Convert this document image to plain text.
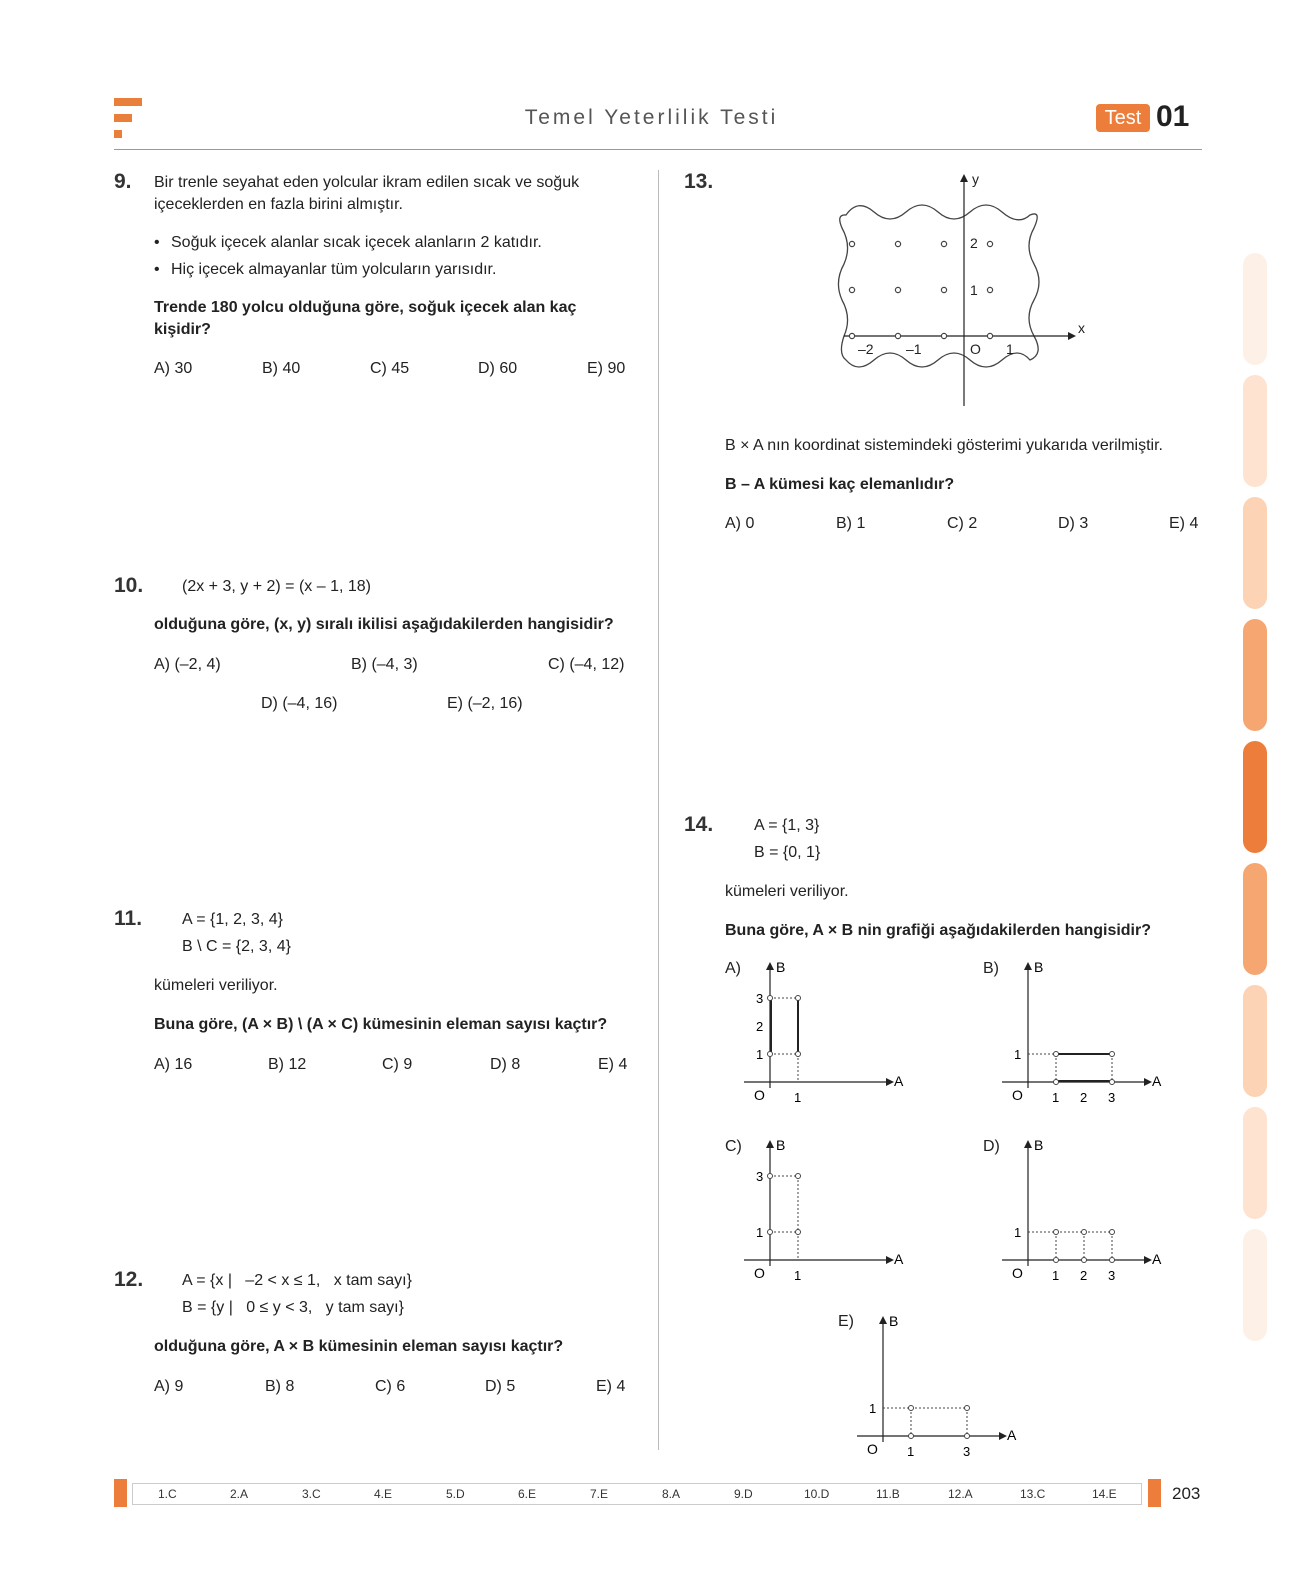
Temel Yeterlilik Testi	Test 01
9. Bir trenle seyahat eden yolcular ikram edilen sıcak ve soğuk
içeceklerden en fazla birini almıştır.
• Soğuk içecek alanlar sıcak içecek alanların 2 katıdır.
• Hiç içecek almayanlar tüm yolcuların yarısıdır.
Trende 180 yolcu olduğuna göre, soğuk içecek alan kaç
kişidir?
A) 30	B) 40	C) 45	D) 60	E) 90
10. (2x + 3, y + 2) = (x – 1, 18)
olduğuna göre, (x, y) sıralı ikilisi aşağıdakilerden hangisidir?
A) (–2, 4)	B) (–4, 3)	C) (–4, 12)
D) (–4, 16)	E) (–2, 16)
11. A = {1, 2, 3, 4}
B \ C = {2, 3, 4}
kümeleri veriliyor.
Buna göre, (A × B) \ (A × C) kümesinin eleman sayısı kaçtır?
A) 16	B) 12	C) 9	D) 8	E) 4
12. A = {x |   –2 < x ≤ 1,   x tam sayı}
B = {y |   0 ≤ y < 3,   y tam sayı}
olduğuna göre, A × B kümesinin eleman sayısı kaçtır?
A) 9	B) 8	C) 6	D) 5	E) 4
13.
x
y
O
–2 –1	1
1
2
B × A nın koordinat sistemindeki gösterimi yukarıda verilmiştir.
B – A kümesi kaç elemanlıdır?
A) 0	B) 1	C) 2	D) 3	E) 4
14.	A = {1, 3}
B = {0, 1}
kümeleri veriliyor.
Buna göre, A × B nin grafiği aşağıdakilerden hangisidir?
A)	B
A
O 1
1
2
3
B)	B
A
O 1 2 3
1
C) B
A
O 1
1
3
D) B
A
O 1 2 3
1
E)	B
A
O 1	3
1
1.C	2.A	3.C	4.E	5.D	6.E	7.E	8.A	9.D	10.D	11.B	12.A	13.C	14.E	203
